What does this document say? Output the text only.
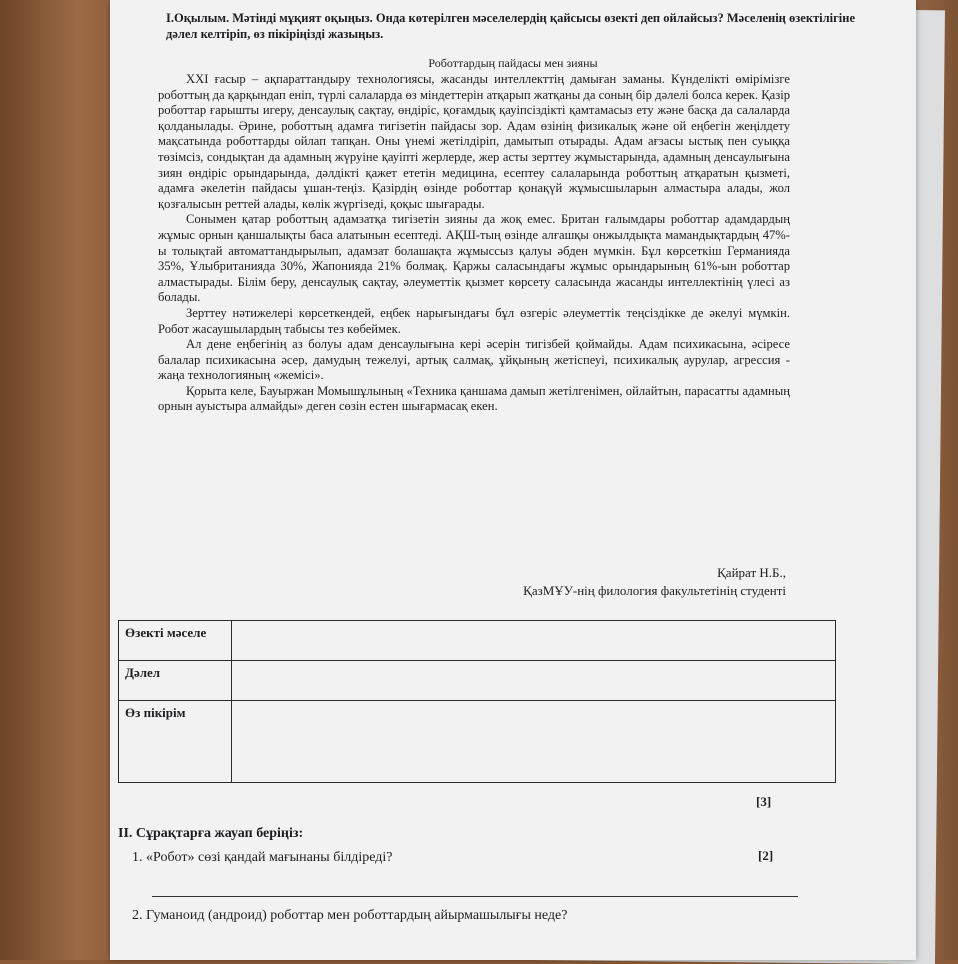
I.Оқылым. Мәтінді мұқият оқыңыз. Онда көтерілген мәселелердің қайсысы өзекті деп ойлайсыз? Мәселенің өзектілігіне дәлел келтіріп, өз пікіріңізді жазыңыз.
Роботтардың пайдасы мен зияны

XXI ғасыр – ақпараттандыру технологиясы, жасанды интеллекттің дамыған заманы. Күнделікті өмірімізге роботтың да қарқындап еніп, түрлі салаларда өз міндеттерін атқарып жатқаны да соның бір дәлелі болса керек. Қазір роботтар ғарышты игеру, денсаулық сақтау, өндіріс, қоғамдық қауіпсіздікті қамтамасыз ету және басқа да салаларда қолданылады. Әрине, роботтың адамға тигізетін пайдасы зор. Адам өзінің физикалық және ой еңбегін жеңілдету мақсатында роботтарды ойлап тапқан. Оны үнемі жетілдіріп, дамытып отырады. Адам ағзасы ыстық пен суыққа төзімсіз, сондықтан да адамның жүруіне қауіпті жерлерде, жер асты зерттеу жұмыстарында, адамның денсаулығына зиян өндіріс орындарында, дәлдікті қажет ететін медицина, есептеу салаларында роботтың атқаратын қызметі, адамға әкелетін пайдасы ұшан-теңіз. Қазірдің өзінде роботтар қонақүй жұмысшыларын алмастыра алады, жол қозғалысын реттей алады, көлік жүргізеді, қоқыс шығарады.

Сонымен қатар роботтың адамзатқа тигізетін зияны да жоқ емес. Британ ғалымдары роботтар адамдардың жұмыс орнын қаншалықты баса алатынын есептеді. АҚШ-тың өзінде алғашқы онжылдықта мамандықтардың 47%-ы толықтай автоматтандырылып, адамзат болашақта жұмыссыз қалуы әбден мүмкін. Бұл көрсеткіш Германияда 35%, Ұлыбританияда 30%, Жапонияда 21% болмақ. Қаржы саласындағы жұмыс орындарының 61%-ын роботтар алмастырады. Білім беру, денсаулық сақтау, әлеуметтік қызмет көрсету саласында жасанды интеллектінің үлесі аз болады.

Зерттеу нәтижелері көрсеткендей, еңбек нарығындағы бұл өзгеріс әлеуметтік теңсіздікке де әкелуі мүмкін. Робот жасаушылардың табысы тез көбеймек.

Ал дене еңбегінің аз болуы адам денсаулығына кері әсерін тигізбей қоймайды. Адам психикасына, әсіресе балалар психикасына әсер, дамудың тежелуі, артық салмақ, ұйқының жетіспеуі, психикалық аурулар, агрессия - жаңа технологияның «жемісі».

Қорыта келе, Бауыржан Момышұлының «Техника қаншама дамып жетілгенімен, ойлайтын, парасатты адамның орнын ауыстыра алмайды» деген сөзін естен шығармасақ екен.

Қайрат Н.Б.,
ҚазМҰУ-нің филология факультетінің студенті
Өзекті мәселе	
Дәлел	
Өз пікірім	
[3]
II. Сұрақтарға жауап беріңіз:
1. «Робот» сөзі қандай мағынаны білдіреді?	[2]
2. Гуманоид (андроид) роботтар мен роботтардың айырмашылығы неде?
